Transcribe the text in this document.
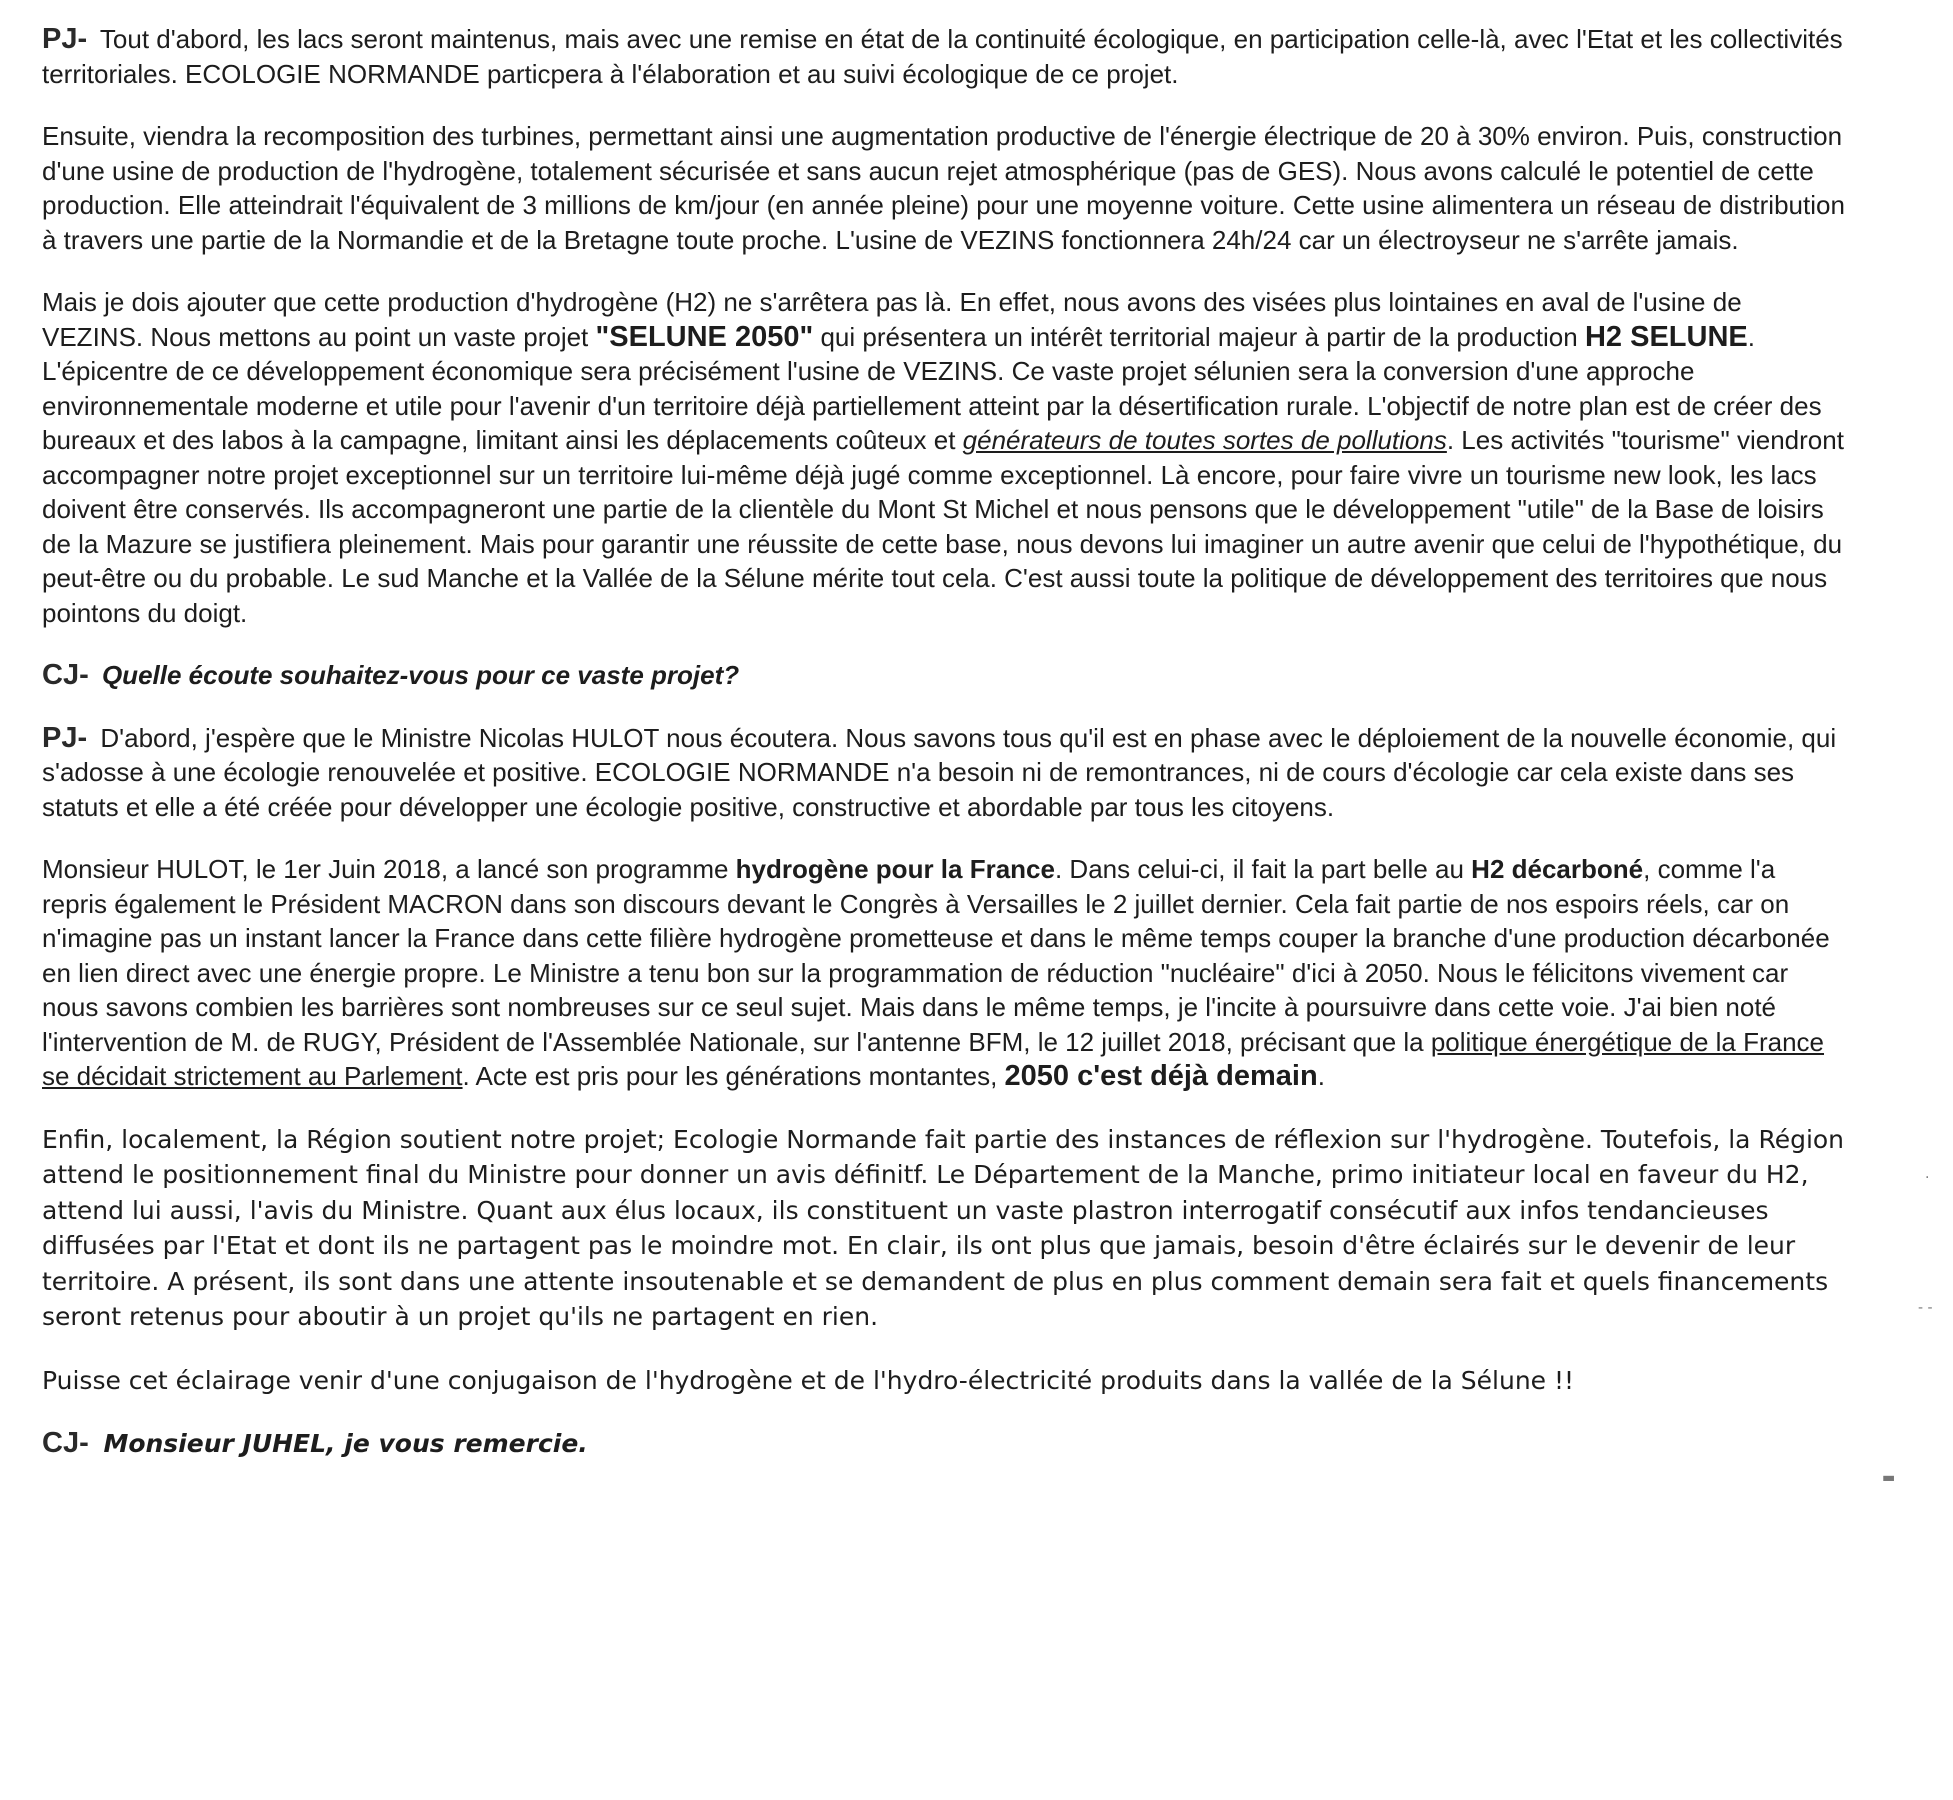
PJ- Tout d'abord, les lacs seront maintenus, mais avec une remise en état de la continuité écologique, en participation celle-là, avec l'Etat et les collectivités territoriales. ECOLOGIE NORMANDE particpera à l'élaboration et au suivi écologique de ce projet.

Ensuite, viendra la recomposition des turbines, permettant ainsi une augmentation productive de l'énergie électrique de 20 à 30% environ. Puis, construction d'une usine de production de l'hydrogène, totalement sécurisée et sans aucun rejet atmosphérique (pas de GES). Nous avons calculé le potentiel de cette production. Elle atteindrait l'équivalent de 3 millions de km/jour (en année pleine) pour une moyenne voiture. Cette usine alimentera un réseau de distribution à travers une partie de la Normandie et de la Bretagne toute proche. L'usine de VEZINS fonctionnera 24h/24 car un électroyseur ne s'arrête jamais.

Mais je dois ajouter que cette production d'hydrogène (H2) ne s'arrêtera pas là. En effet, nous avons des visées plus lointaines en aval de l'usine de VEZINS. Nous mettons au point un vaste projet "SELUNE 2050" qui présentera un intérêt territorial majeur à partir de la production H2 SELUNE. L'épicentre de ce développement économique sera précisément l'usine de VEZINS. Ce vaste projet sélunien sera la conversion d'une approche environnementale moderne et utile pour l'avenir d'un territoire déjà partiellement atteint par la désertification rurale. L'objectif de notre plan est de créer des bureaux et des labos à la campagne, limitant ainsi les déplacements coûteux et générateurs de toutes sortes de pollutions. Les activités "tourisme" viendront accompagner notre projet exceptionnel sur un territoire lui-même déjà jugé comme exceptionnel. Là encore, pour faire vivre un tourisme new look, les lacs doivent être conservés. Ils accompagneront une partie de la clientèle du Mont St Michel et nous pensons que le développement "utile" de la Base de loisirs de la Mazure se justifiera pleinement. Mais pour garantir une réussite de cette base, nous devons lui imaginer un autre avenir que celui de l'hypothétique, du peut-être ou du probable. Le sud Manche et la Vallée de la Sélune mérite tout cela. C'est aussi toute la politique de développement des territoires que nous pointons du doigt.

CJ- Quelle écoute souhaitez-vous pour ce vaste projet?

PJ- D'abord, j'espère que le Ministre Nicolas HULOT nous écoutera. Nous savons tous qu'il est en phase avec le déploiement de la nouvelle économie, qui s'adosse à une écologie renouvelée et positive. ECOLOGIE NORMANDE n'a besoin ni de remontrances, ni de cours d'écologie car cela existe dans ses statuts et elle a été créée pour développer une écologie positive, constructive et abordable par tous les citoyens.

Monsieur HULOT, le 1er Juin 2018, a lancé son programme hydrogène pour la France. Dans celui-ci, il fait la part belle au H2 décarboné, comme l'a repris également le Président MACRON dans son discours devant le Congrès à Versailles le 2 juillet dernier. Cela fait partie de nos espoirs réels, car on n'imagine pas un instant lancer la France dans cette filière hydrogène prometteuse et dans le même temps couper la branche d'une production décarbonée en lien direct avec une énergie propre. Le Ministre a tenu bon sur la programmation de réduction "nucléaire" d'ici à 2050. Nous le félicitons vivement car nous savons combien les barrières sont nombreuses sur ce seul sujet. Mais dans le même temps, je l'incite à poursuivre dans cette voie. J'ai bien noté l'intervention de M. de RUGY, Président de l'Assemblée Nationale, sur l'antenne BFM, le 12 juillet 2018, précisant que la politique énergétique de la France se décidait strictement au Parlement. Acte est pris pour les générations montantes, 2050 c'est déjà demain.

Enfin, localement, la Région soutient notre projet; Ecologie Normande fait partie des instances de réflexion sur l'hydrogène. Toutefois, la Région attend le positionnement final du Ministre pour donner un avis définitf. Le Département de la Manche, primo initiateur local en faveur du H2, attend lui aussi, l'avis du Ministre. Quant aux élus locaux, ils constituent un vaste plastron interrogatif consécutif aux infos tendancieuses diffusées par l'Etat et dont ils ne partagent pas le moindre mot. En clair, ils ont plus que jamais, besoin d'être éclairés sur le devenir de leur territoire. A présent, ils sont dans une attente insoutenable et se demandent de plus en plus comment demain sera fait et quels financements seront retenus pour aboutir à un projet qu'ils ne partagent en rien.

Puisse cet éclairage venir d'une conjugaison de l'hydrogène et de l'hydro-électricité produits dans la vallée de la Sélune !!

CJ- Monsieur JUHEL, je vous remercie.

·
‑ ‑
▬
